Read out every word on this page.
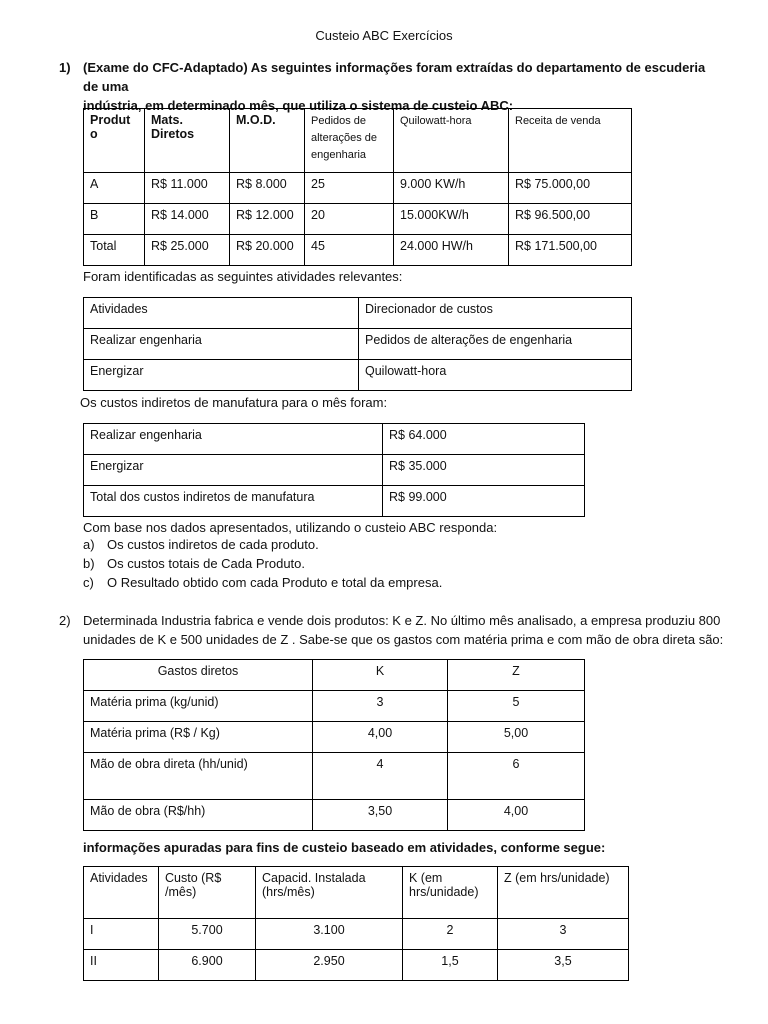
Custeio ABC Exercícios
1) (Exame do CFC-Adaptado) As seguintes informações foram extraídas do departamento de escuderia de uma
indústria, em determinado mês, que utiliza o sistema de custeio ABC:
Produt o	Mats. Diretos	M.O.D.	Pedidos de alterações de engenharia	Quilowatt-hora	Receita de venda
A	R$ 11.000	R$ 8.000	25	9.000 KW/h	R$ 75.000,00
B	R$ 14.000	R$ 12.000	20	15.000KW/h	R$ 96.500,00
Total	R$ 25.000	R$ 20.000	45	24.000 HW/h	R$ 171.500,00
Foram identificadas as seguintes atividades relevantes:
Atividades	Direcionador de custos
Realizar engenharia	Pedidos de alterações de engenharia
Energizar	Quilowatt-hora
Os custos indiretos de manufatura para o mês foram:
Realizar engenharia	R$ 64.000
Energizar	R$ 35.000
Total dos custos indiretos de manufatura	R$ 99.000
Com base nos dados apresentados, utilizando o custeio ABC responda:
a) Os custos indiretos de cada produto.
b) Os custos totais de Cada Produto.
c) O Resultado obtido com cada Produto e total da empresa.
2) Determinada Industria fabrica e vende dois produtos: K e Z. No último mês analisado, a empresa produziu 800
unidades de K e 500 unidades de Z . Sabe-se que os gastos com matéria prima e com mão de obra direta são:
Gastos diretos	K	Z
Matéria prima (kg/unid)	3	5
Matéria prima (R$ / Kg)	4,00	5,00
Mão de obra direta (hh/unid)	4	6
Mão de obra (R$/hh)	3,50	4,00
informações apuradas para fins de custeio baseado em atividades, conforme segue:
Atividades	Custo (R$ /mês)	Capacid. Instalada (hrs/mês)	K (em hrs/unidade)	Z (em hrs/unidade)
I	5.700	3.100	2	3
II	6.900	2.950	1,5	3,5
